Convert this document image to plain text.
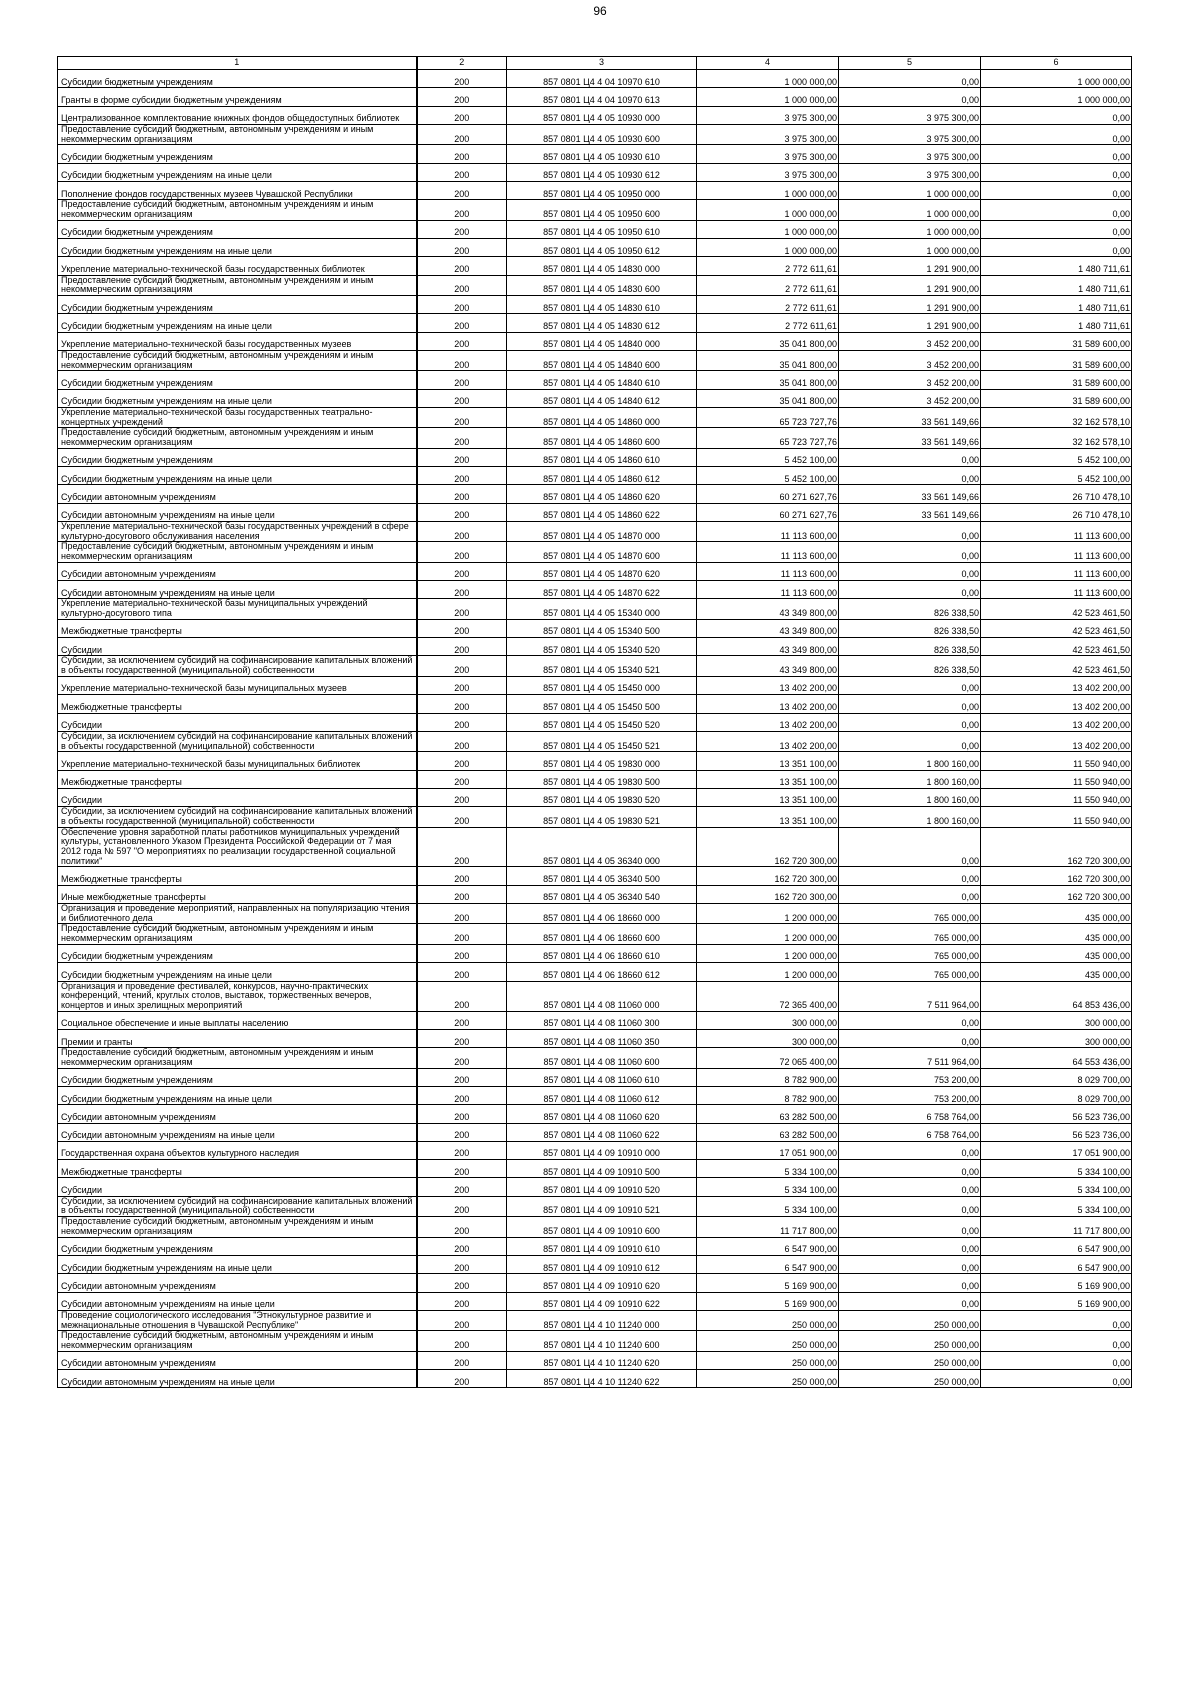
96
1	2	3	4	5	6
Субсидии бюджетным учреждениям	200	857 0801 Ц4 4 04 10970 610	1 000 000,00	0,00	1 000 000,00
Гранты в форме субсидии бюджетным учреждениям	200	857 0801 Ц4 4 04 10970 613	1 000 000,00	0,00	1 000 000,00
Централизованное комплектование книжных фондов общедоступных библиотек	200	857 0801 Ц4 4 05 10930 000	3 975 300,00	3 975 300,00	0,00
Предоставление субсидий бюджетным, автономным учреждениям и иным некоммерческим организациям	200	857 0801 Ц4 4 05 10930 600	3 975 300,00	3 975 300,00	0,00
Субсидии бюджетным учреждениям	200	857 0801 Ц4 4 05 10930 610	3 975 300,00	3 975 300,00	0,00
Субсидии бюджетным учреждениям на иные цели	200	857 0801 Ц4 4 05 10930 612	3 975 300,00	3 975 300,00	0,00
Пополнение фондов государственных музеев Чувашской Республики	200	857 0801 Ц4 4 05 10950 000	1 000 000,00	1 000 000,00	0,00
Предоставление субсидий бюджетным, автономным учреждениям и иным некоммерческим организациям	200	857 0801 Ц4 4 05 10950 600	1 000 000,00	1 000 000,00	0,00
Субсидии бюджетным учреждениям	200	857 0801 Ц4 4 05 10950 610	1 000 000,00	1 000 000,00	0,00
Субсидии бюджетным учреждениям на иные цели	200	857 0801 Ц4 4 05 10950 612	1 000 000,00	1 000 000,00	0,00
Укрепление материально-технической базы государственных библиотек	200	857 0801 Ц4 4 05 14830 000	2 772 611,61	1 291 900,00	1 480 711,61
Предоставление субсидий бюджетным, автономным учреждениям и иным некоммерческим организациям	200	857 0801 Ц4 4 05 14830 600	2 772 611,61	1 291 900,00	1 480 711,61
Субсидии бюджетным учреждениям	200	857 0801 Ц4 4 05 14830 610	2 772 611,61	1 291 900,00	1 480 711,61
Субсидии бюджетным учреждениям на иные цели	200	857 0801 Ц4 4 05 14830 612	2 772 611,61	1 291 900,00	1 480 711,61
Укрепление материально-технической базы государственных музеев	200	857 0801 Ц4 4 05 14840 000	35 041 800,00	3 452 200,00	31 589 600,00
Предоставление субсидий бюджетным, автономным учреждениям и иным некоммерческим организациям	200	857 0801 Ц4 4 05 14840 600	35 041 800,00	3 452 200,00	31 589 600,00
Субсидии бюджетным учреждениям	200	857 0801 Ц4 4 05 14840 610	35 041 800,00	3 452 200,00	31 589 600,00
Субсидии бюджетным учреждениям на иные цели	200	857 0801 Ц4 4 05 14840 612	35 041 800,00	3 452 200,00	31 589 600,00
Укрепление материально-технической базы государственных театрально-концертных учреждений	200	857 0801 Ц4 4 05 14860 000	65 723 727,76	33 561 149,66	32 162 578,10
Предоставление субсидий бюджетным, автономным учреждениям и иным некоммерческим организациям	200	857 0801 Ц4 4 05 14860 600	65 723 727,76	33 561 149,66	32 162 578,10
Субсидии бюджетным учреждениям	200	857 0801 Ц4 4 05 14860 610	5 452 100,00	0,00	5 452 100,00
Субсидии бюджетным учреждениям на иные цели	200	857 0801 Ц4 4 05 14860 612	5 452 100,00	0,00	5 452 100,00
Субсидии автономным учреждениям	200	857 0801 Ц4 4 05 14860 620	60 271 627,76	33 561 149,66	26 710 478,10
Субсидии автономным учреждениям на иные цели	200	857 0801 Ц4 4 05 14860 622	60 271 627,76	33 561 149,66	26 710 478,10
Укрепление материально-технической базы государственных учреждений в сфере культурно-досугового обслуживания населения	200	857 0801 Ц4 4 05 14870 000	11 113 600,00	0,00	11 113 600,00
Предоставление субсидий бюджетным, автономным учреждениям и иным некоммерческим организациям	200	857 0801 Ц4 4 05 14870 600	11 113 600,00	0,00	11 113 600,00
Субсидии автономным учреждениям	200	857 0801 Ц4 4 05 14870 620	11 113 600,00	0,00	11 113 600,00
Субсидии автономным учреждениям на иные цели	200	857 0801 Ц4 4 05 14870 622	11 113 600,00	0,00	11 113 600,00
Укрепление материально-технической базы муниципальных учреждений культурно-досугового типа	200	857 0801 Ц4 4 05 15340 000	43 349 800,00	826 338,50	42 523 461,50
Межбюджетные трансферты	200	857 0801 Ц4 4 05 15340 500	43 349 800,00	826 338,50	42 523 461,50
Субсидии	200	857 0801 Ц4 4 05 15340 520	43 349 800,00	826 338,50	42 523 461,50
Субсидии, за исключением субсидий на софинансирование капитальных вложений в объекты государственной (муниципальной) собственности	200	857 0801 Ц4 4 05 15340 521	43 349 800,00	826 338,50	42 523 461,50
Укрепление материально-технической базы муниципальных музеев	200	857 0801 Ц4 4 05 15450 000	13 402 200,00	0,00	13 402 200,00
Межбюджетные трансферты	200	857 0801 Ц4 4 05 15450 500	13 402 200,00	0,00	13 402 200,00
Субсидии	200	857 0801 Ц4 4 05 15450 520	13 402 200,00	0,00	13 402 200,00
Субсидии, за исключением субсидий на софинансирование капитальных вложений в объекты государственной (муниципальной) собственности	200	857 0801 Ц4 4 05 15450 521	13 402 200,00	0,00	13 402 200,00
Укрепление материально-технической базы муниципальных библиотек	200	857 0801 Ц4 4 05 19830 000	13 351 100,00	1 800 160,00	11 550 940,00
Межбюджетные трансферты	200	857 0801 Ц4 4 05 19830 500	13 351 100,00	1 800 160,00	11 550 940,00
Субсидии	200	857 0801 Ц4 4 05 19830 520	13 351 100,00	1 800 160,00	11 550 940,00
Субсидии, за исключением субсидий на софинансирование капитальных вложений в объекты государственной (муниципальной) собственности	200	857 0801 Ц4 4 05 19830 521	13 351 100,00	1 800 160,00	11 550 940,00
Обеспечение уровня заработной платы работников муниципальных учреждений культуры, установленного Указом Президента Российской Федерации от 7 мая 2012 года № 597 "О мероприятиях по реализации государственной социальной политики"	200	857 0801 Ц4 4 05 36340 000	162 720 300,00	0,00	162 720 300,00
Межбюджетные трансферты	200	857 0801 Ц4 4 05 36340 500	162 720 300,00	0,00	162 720 300,00
Иные межбюджетные трансферты	200	857 0801 Ц4 4 05 36340 540	162 720 300,00	0,00	162 720 300,00
Организация и проведение мероприятий, направленных на популяризацию чтения и библиотечного дела	200	857 0801 Ц4 4 06 18660 000	1 200 000,00	765 000,00	435 000,00
Предоставление субсидий бюджетным, автономным учреждениям и иным некоммерческим организациям	200	857 0801 Ц4 4 06 18660 600	1 200 000,00	765 000,00	435 000,00
Субсидии бюджетным учреждениям	200	857 0801 Ц4 4 06 18660 610	1 200 000,00	765 000,00	435 000,00
Субсидии бюджетным учреждениям на иные цели	200	857 0801 Ц4 4 06 18660 612	1 200 000,00	765 000,00	435 000,00
Организация и проведение фестивалей, конкурсов, научно-практических конференций, чтений, круглых столов, выставок, торжественных вечеров, концертов и иных зрелищных мероприятий	200	857 0801 Ц4 4 08 11060 000	72 365 400,00	7 511 964,00	64 853 436,00
Социальное обеспечение и иные выплаты населению	200	857 0801 Ц4 4 08 11060 300	300 000,00	0,00	300 000,00
Премии и гранты	200	857 0801 Ц4 4 08 11060 350	300 000,00	0,00	300 000,00
Предоставление субсидий бюджетным, автономным учреждениям и иным некоммерческим организациям	200	857 0801 Ц4 4 08 11060 600	72 065 400,00	7 511 964,00	64 553 436,00
Субсидии бюджетным учреждениям	200	857 0801 Ц4 4 08 11060 610	8 782 900,00	753 200,00	8 029 700,00
Субсидии бюджетным учреждениям на иные цели	200	857 0801 Ц4 4 08 11060 612	8 782 900,00	753 200,00	8 029 700,00
Субсидии автономным учреждениям	200	857 0801 Ц4 4 08 11060 620	63 282 500,00	6 758 764,00	56 523 736,00
Субсидии автономным учреждениям на иные цели	200	857 0801 Ц4 4 08 11060 622	63 282 500,00	6 758 764,00	56 523 736,00
Государственная охрана объектов культурного наследия	200	857 0801 Ц4 4 09 10910 000	17 051 900,00	0,00	17 051 900,00
Межбюджетные трансферты	200	857 0801 Ц4 4 09 10910 500	5 334 100,00	0,00	5 334 100,00
Субсидии	200	857 0801 Ц4 4 09 10910 520	5 334 100,00	0,00	5 334 100,00
Субсидии, за исключением субсидий на софинансирование капитальных вложений в объекты государственной (муниципальной) собственности	200	857 0801 Ц4 4 09 10910 521	5 334 100,00	0,00	5 334 100,00
Предоставление субсидий бюджетным, автономным учреждениям и иным некоммерческим организациям	200	857 0801 Ц4 4 09 10910 600	11 717 800,00	0,00	11 717 800,00
Субсидии бюджетным учреждениям	200	857 0801 Ц4 4 09 10910 610	6 547 900,00	0,00	6 547 900,00
Субсидии бюджетным учреждениям на иные цели	200	857 0801 Ц4 4 09 10910 612	6 547 900,00	0,00	6 547 900,00
Субсидии автономным учреждениям	200	857 0801 Ц4 4 09 10910 620	5 169 900,00	0,00	5 169 900,00
Субсидии автономным учреждениям на иные цели	200	857 0801 Ц4 4 09 10910 622	5 169 900,00	0,00	5 169 900,00
Проведение социологического исследования "Этнокультурное развитие и межнациональные отношения в Чувашской Республике"	200	857 0801 Ц4 4 10 11240 000	250 000,00	250 000,00	0,00
Предоставление субсидий бюджетным, автономным учреждениям и иным некоммерческим организациям	200	857 0801 Ц4 4 10 11240 600	250 000,00	250 000,00	0,00
Субсидии автономным учреждениям	200	857 0801 Ц4 4 10 11240 620	250 000,00	250 000,00	0,00
Субсидии автономным учреждениям на иные цели	200	857 0801 Ц4 4 10 11240 622	250 000,00	250 000,00	0,00
